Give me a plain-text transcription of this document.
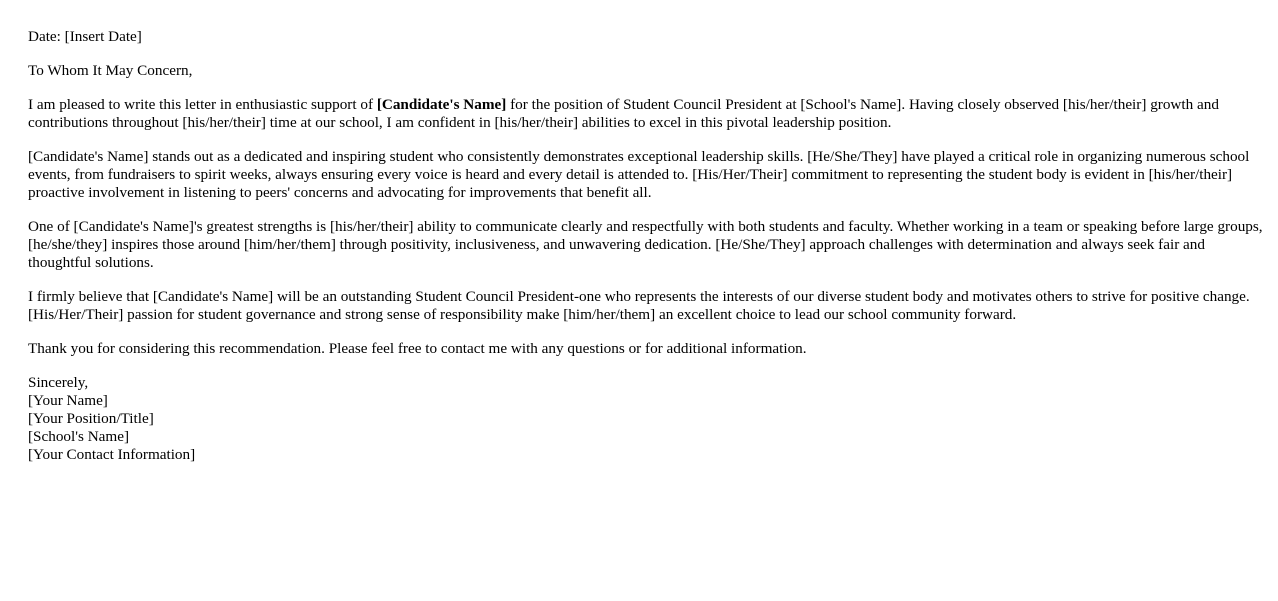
Date: [Insert Date]

To Whom It May Concern,

I am pleased to write this letter in enthusiastic support of [Candidate's Name] for the position of Student Council President at [School's Name]. Having closely observed [his/her/their] growth and contributions throughout [his/her/their] time at our school, I am confident in [his/her/their] abilities to excel in this pivotal leadership position.

[Candidate's Name] stands out as a dedicated and inspiring student who consistently demonstrates exceptional leadership skills. [He/She/They] have played a critical role in organizing numerous school events, from fundraisers to spirit weeks, always ensuring every voice is heard and every detail is attended to. [His/Her/Their] commitment to representing the student body is evident in [his/her/their] proactive involvement in listening to peers' concerns and advocating for improvements that benefit all.

One of [Candidate's Name]'s greatest strengths is [his/her/their] ability to communicate clearly and respectfully with both students and faculty. Whether working in a team or speaking before large groups, [he/she/they] inspires those around [him/her/them] through positivity, inclusiveness, and unwavering dedication. [He/She/They] approach challenges with determination and always seek fair and thoughtful solutions.

I firmly believe that [Candidate's Name] will be an outstanding Student Council President-one who represents the interests of our diverse student body and motivates others to strive for positive change. [His/Her/Their] passion for student governance and strong sense of responsibility make [him/her/them] an excellent choice to lead our school community forward.

Thank you for considering this recommendation. Please feel free to contact me with any questions or for additional information.

Sincerely,
[Your Name]
[Your Position/Title]
[School's Name]
[Your Contact Information]
